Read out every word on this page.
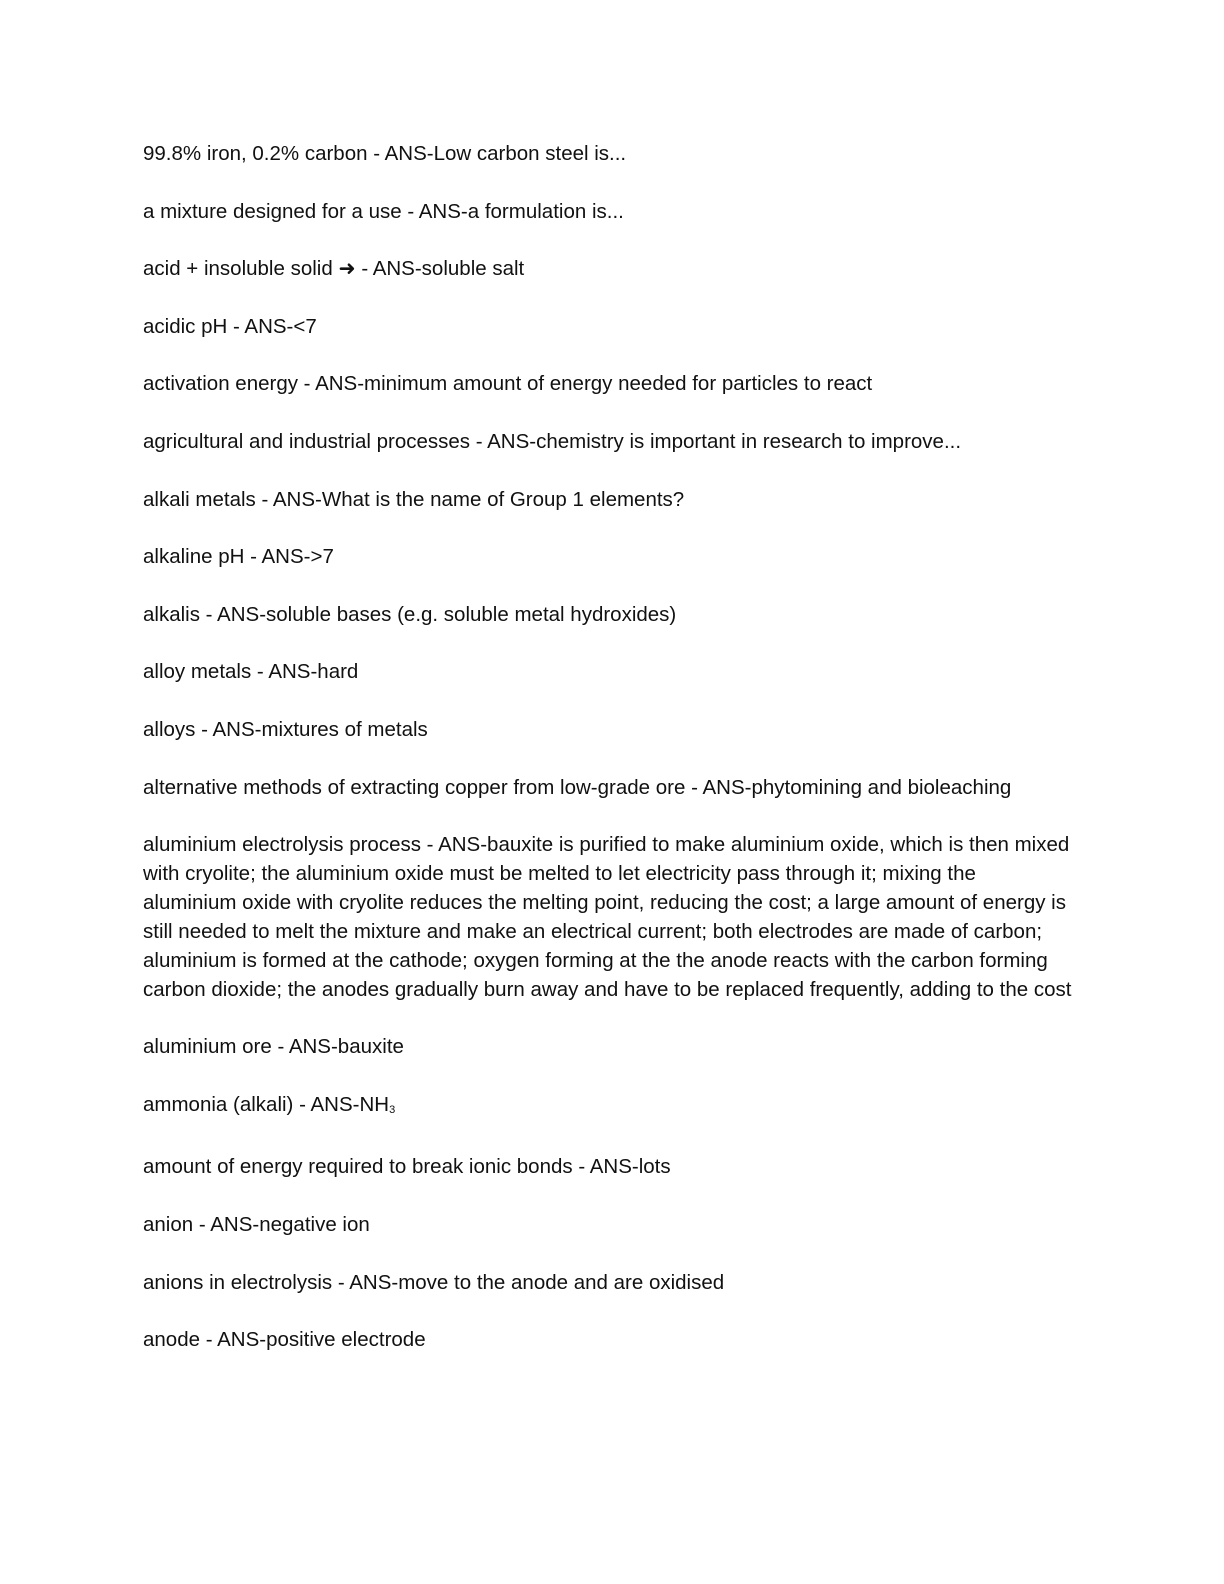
99.8% iron, 0.2% carbon - ANS-Low carbon steel is...
a mixture designed for a use - ANS-a formulation is...
acid + insoluble solid ➜ - ANS-soluble salt
acidic pH - ANS-<7
activation energy - ANS-minimum amount of energy needed for particles to react
agricultural and industrial processes - ANS-chemistry is important in research to improve...
alkali metals - ANS-What is the name of Group 1 elements?
alkaline pH - ANS->7
alkalis - ANS-soluble bases (e.g. soluble metal hydroxides)
alloy metals - ANS-hard
alloys - ANS-mixtures of metals
alternative methods of extracting copper from low-grade ore - ANS-phytomining and bioleaching
aluminium electrolysis process - ANS-bauxite is purified to make aluminium oxide, which is then mixed with cryolite; the aluminium oxide must be melted to let electricity pass through it; mixing the aluminium oxide with cryolite reduces the melting point, reducing the cost; a large amount of energy is still needed to melt the mixture and make an electrical current; both electrodes are made of carbon; aluminium is formed at the cathode; oxygen forming at the the anode reacts with the carbon forming carbon dioxide; the anodes gradually burn away and have to be replaced frequently, adding to the cost
aluminium ore - ANS-bauxite
ammonia (alkali) - ANS-NH3
amount of energy required to break ionic bonds - ANS-lots
anion - ANS-negative ion
anions in electrolysis - ANS-move to the anode and are oxidised
anode - ANS-positive electrode
